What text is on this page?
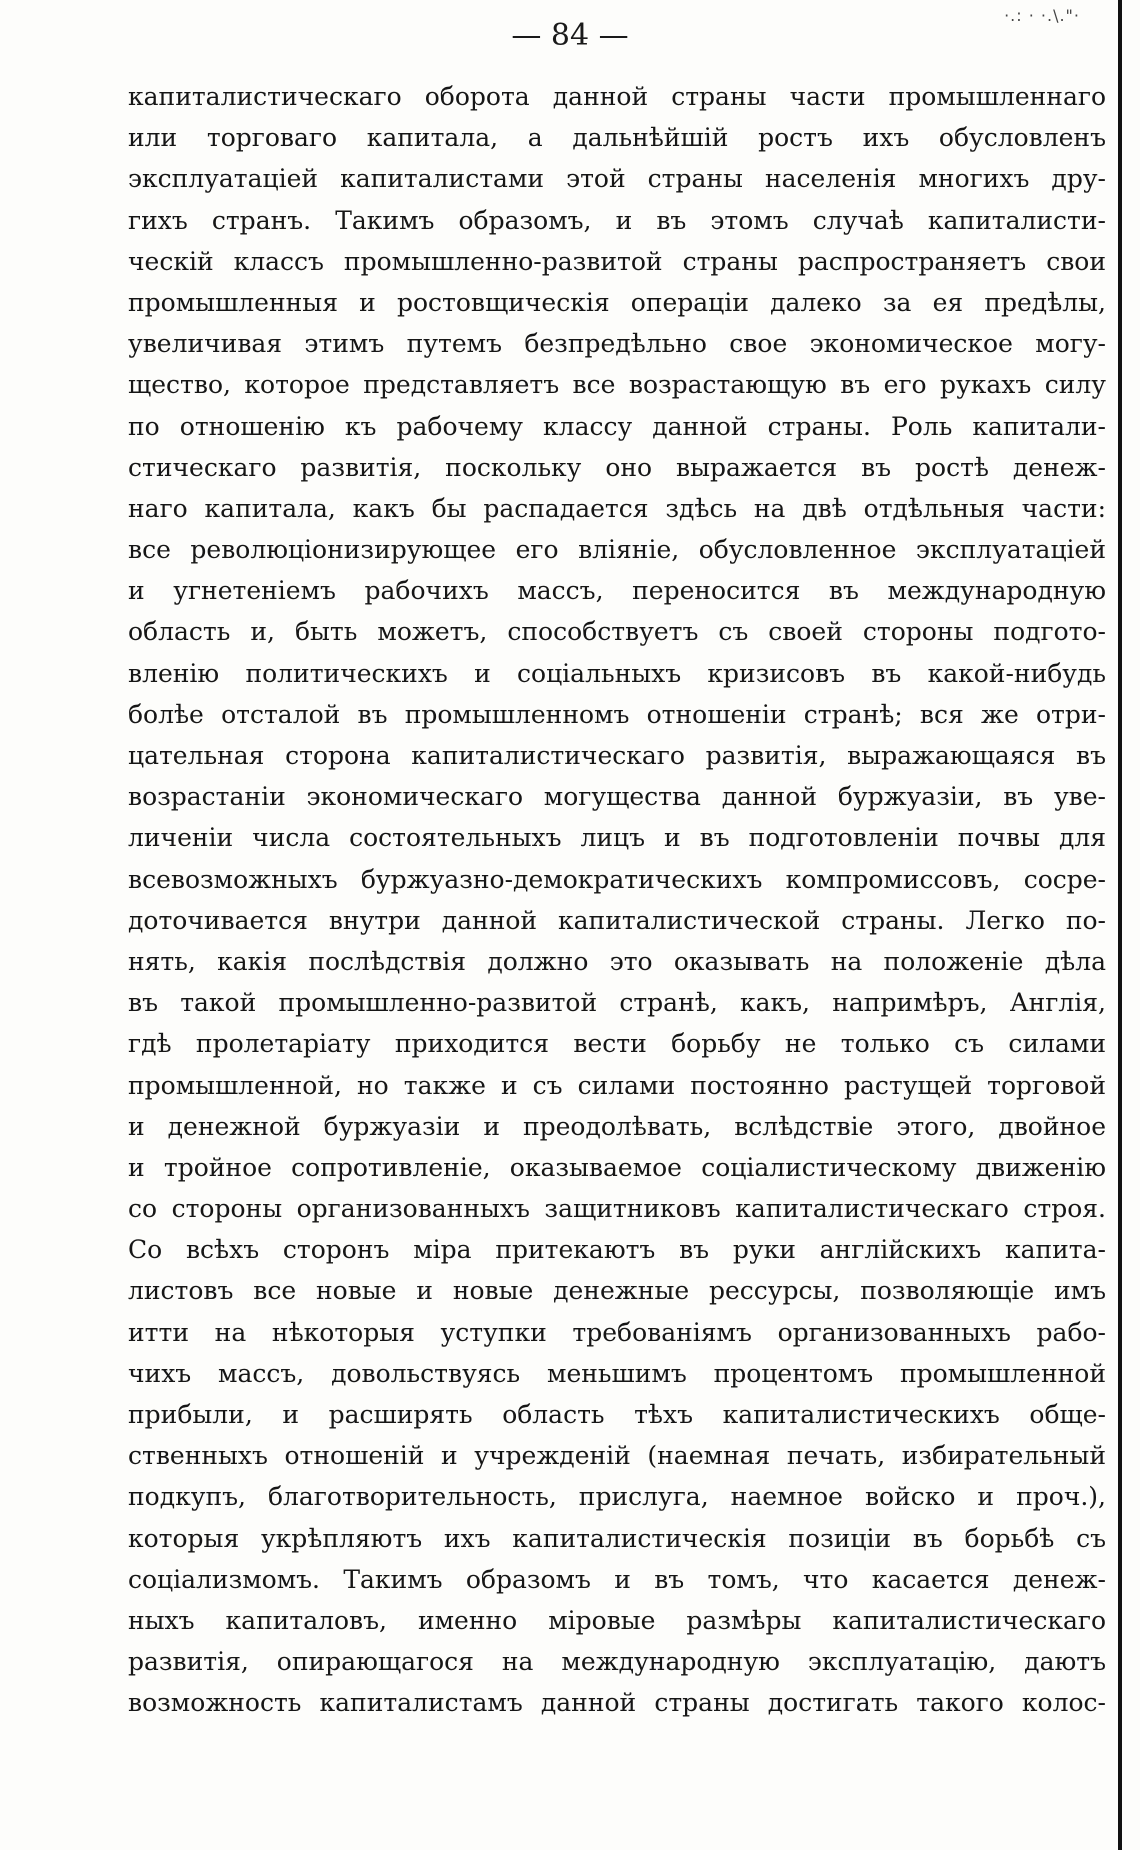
·.: · ·.\."·
— 84 —
капиталистическаго оборота данной страны части промышленнаго
или торговаго капитала, а дальнѣйшій ростъ ихъ обусловленъ
эксплуатаціей капиталистами этой страны населенія многихъ дру-
гихъ странъ. Такимъ образомъ, и въ этомъ случаѣ капиталисти-
ческій классъ промышленно-развитой страны распространяетъ свои
промышленныя и ростовщическія операціи далеко за ея предѣлы,
увеличивая этимъ путемъ безпредѣльно свое экономическое могу-
щество, которое представляетъ все возрастающую въ его рукахъ силу
по отношенію къ рабочему классу данной страны. Роль капитали-
стическаго развитія, поскольку оно выражается въ ростѣ денеж-
наго капитала, какъ бы распадается здѣсь на двѣ отдѣльныя части:
все революціонизирующее его вліяніе, обусловленное эксплуатаціей
и угнетеніемъ рабочихъ массъ, переносится въ международную
область и, быть можетъ, способствуетъ съ своей стороны подгото-
вленію политическихъ и соціальныхъ кризисовъ въ какой-нибудь
болѣе отсталой въ промышленномъ отношеніи странѣ; вся же отри-
цательная сторона капиталистическаго развитія, выражающаяся въ
возрастаніи экономическаго могущества данной буржуазіи, въ уве-
личеніи числа состоятельныхъ лицъ и въ подготовленіи почвы для
всевозможныхъ буржуазно-демократическихъ компромиссовъ, сосре-
доточивается внутри данной капиталистической страны. Легко по-
нять, какія послѣдствія должно это оказывать на положеніе дѣла
въ такой промышленно-развитой странѣ, какъ, напримѣръ, Англія,
гдѣ пролетаріату приходится вести борьбу не только съ силами
промышленной, но также и съ силами постоянно растущей торговой
и денежной буржуазіи и преодолѣвать, вслѣдствіе этого, двойное
и тройное сопротивленіе, оказываемое соціалистическому движенію
со стороны организованныхъ защитниковъ капиталистическаго строя.
Со всѣхъ сторонъ міра притекаютъ въ руки англійскихъ капита-
листовъ все новые и новые денежные рессурсы, позволяющіе имъ
итти на нѣкоторыя уступки требованіямъ организованныхъ рабо-
чихъ массъ, довольствуясь меньшимъ процентомъ промышленной
прибыли, и расширять область тѣхъ капиталистическихъ обще-
ственныхъ отношеній и учрежденій (наемная печать, избирательный
подкупъ, благотворительность, прислуга, наемное войско и проч.),
которыя укрѣпляютъ ихъ капиталистическія позиціи въ борьбѣ съ
соціализмомъ. Такимъ образомъ и въ томъ, что касается денеж-
ныхъ капиталовъ, именно міровые размѣры капиталистическаго
развитія, опирающагося на международную эксплуатацію, даютъ
возможность капиталистамъ данной страны достигать такого колос-
